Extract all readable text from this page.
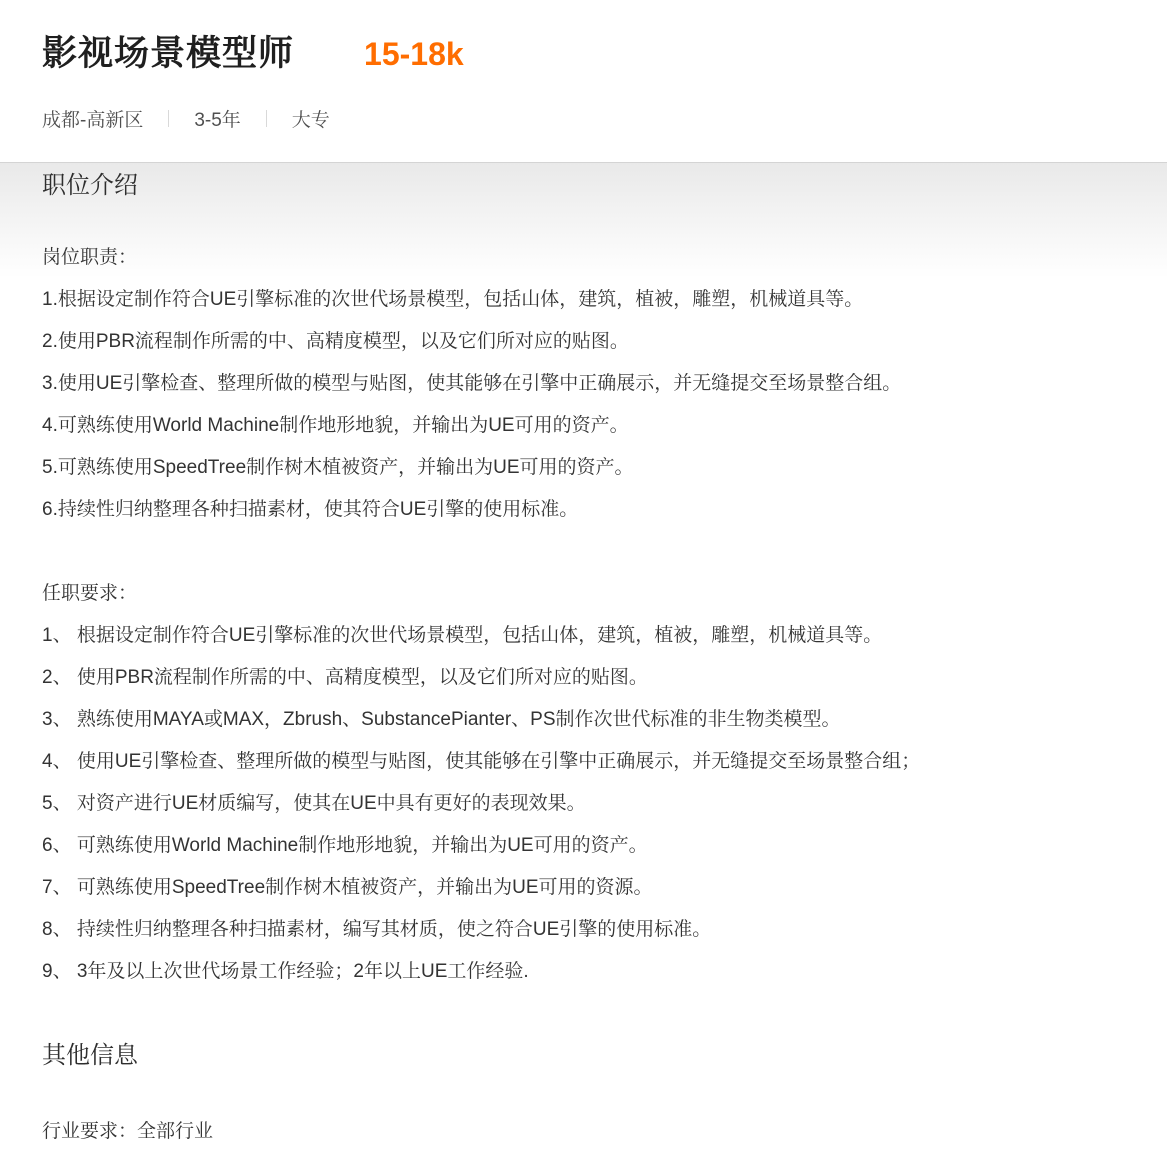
影视场景模型师 15-18k
成都-高新区	3-5年	大专
职位介绍
岗位职责：
1.根据设定制作符合UE引擎标准的次世代场景模型，包括山体，建筑，植被，雕塑，机械道具等。
2.使用PBR流程制作所需的中、高精度模型，以及它们所对应的贴图。
3.使用UE引擎检查、整理所做的模型与贴图，使其能够在引擎中正确展示，并无缝提交至场景整合组。
4.可熟练使用World Machine制作地形地貌，并输出为UE可用的资产。
5.可熟练使用SpeedTree制作树木植被资产，并输出为UE可用的资产。
6.持续性归纳整理各种扫描素材，使其符合UE引擎的使用标准。
任职要求：
1、 根据设定制作符合UE引擎标准的次世代场景模型，包括山体，建筑，植被，雕塑，机械道具等。
2、 使用PBR流程制作所需的中、高精度模型，以及它们所对应的贴图。
3、 熟练使用MAYA或MAX，Zbrush、SubstancePianter、PS制作次世代标准的非生物类模型。
4、 使用UE引擎检查、整理所做的模型与贴图，使其能够在引擎中正确展示，并无缝提交至场景整合组；
5、 对资产进行UE材质编写，使其在UE中具有更好的表现效果。
6、 可熟练使用World Machine制作地形地貌，并输出为UE可用的资产。
7、 可熟练使用SpeedTree制作树木植被资产，并输出为UE可用的资源。
8、 持续性归纳整理各种扫描素材，编写其材质，使之符合UE引擎的使用标准。
9、 3年及以上次世代场景工作经验；2年以上UE工作经验.
其他信息
行业要求：全部行业
